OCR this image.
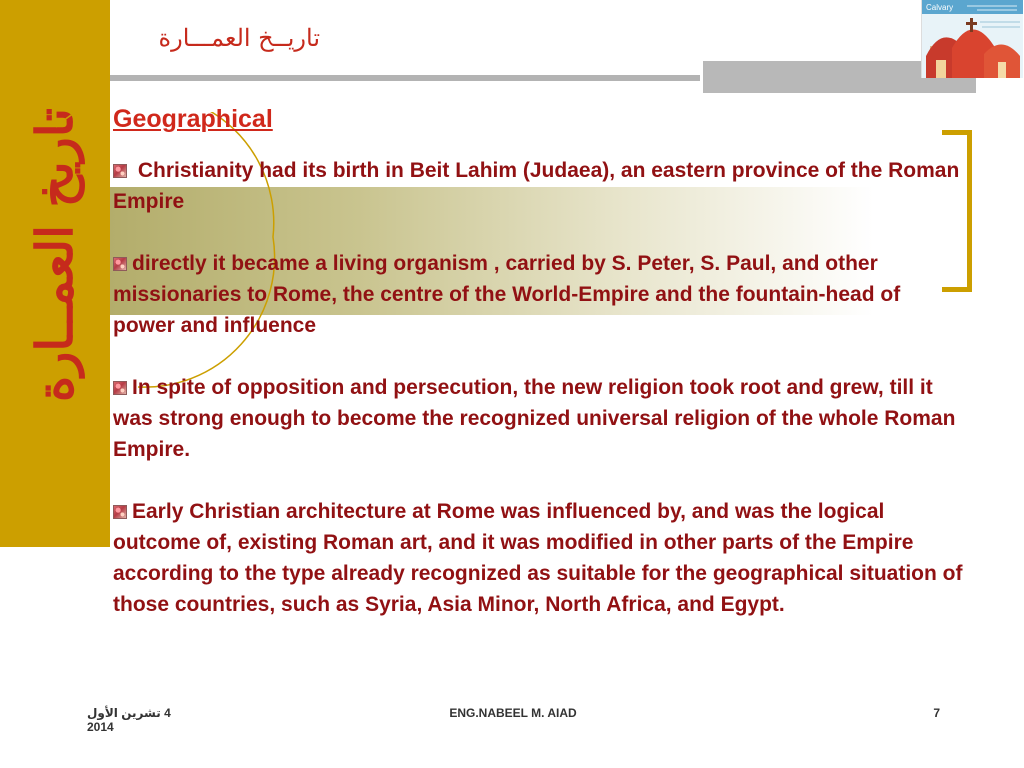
تاريخ العمــارة
تاريــخ العمـــارة
Calvary
Geographical
Christianity had its birth in Beit Lahim (Judaea), an eastern province of the Roman Empire
directly it became a living organism , carried by S. Peter, S. Paul, and other missionaries to Rome, the centre of the World-Empire and the fountain-head of power and influence
In spite of opposition and persecution, the new religion took root and grew, till it was strong enough to become the recognized universal religion of the whole Roman Empire.
Early Christian architecture at Rome was influenced by, and was the logical outcome of, existing Roman art, and it was modified in other parts of the Empire according to the type already recognized as suitable for the geographical situation of those countries, such as Syria, Asia Minor, North Africa, and Egypt.
4 تشرين الأول 2014
ENG.NABEEL M. AIAD	7
